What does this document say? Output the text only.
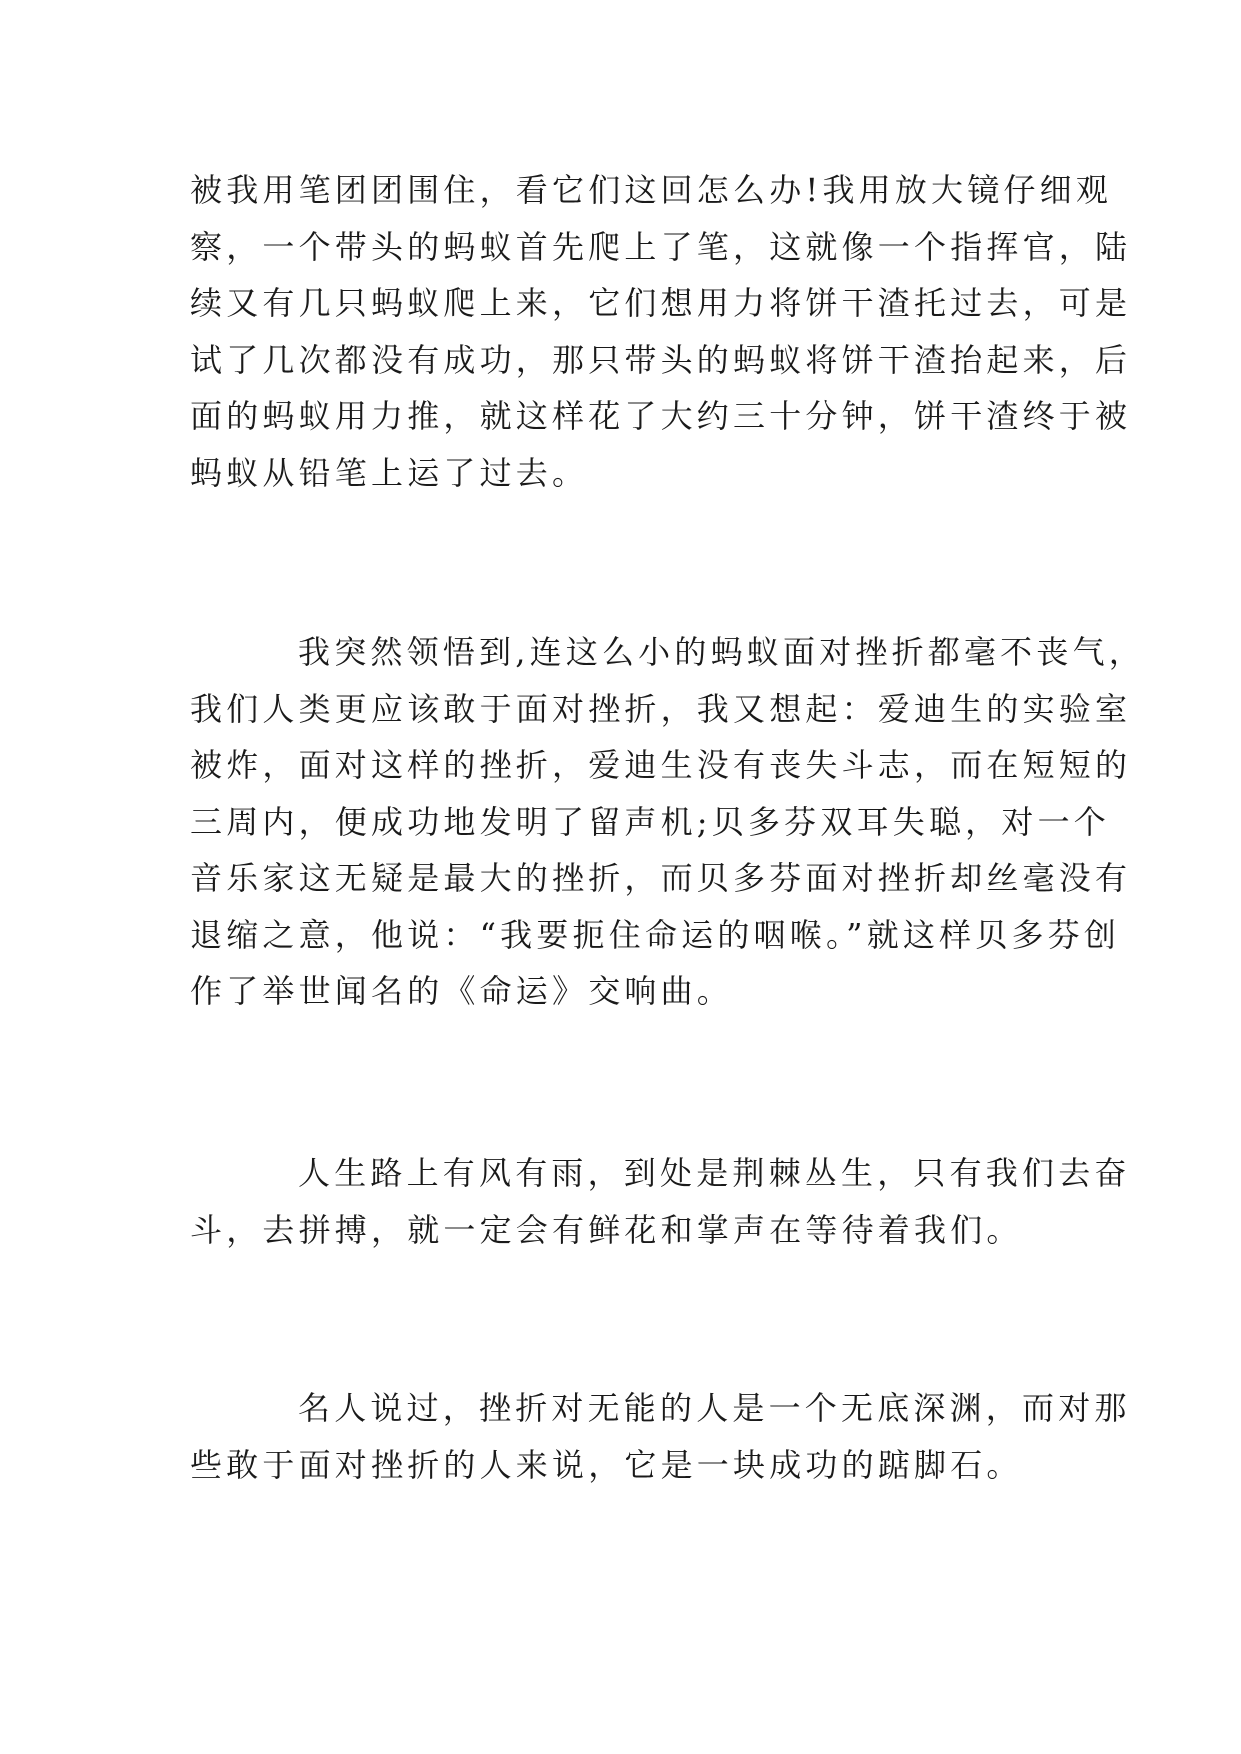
被我用笔团团围住，看它们这回怎么办!我用放大镜仔细观
察，一个带头的蚂蚁首先爬上了笔，这就像一个指挥官，陆
续又有几只蚂蚁爬上来，它们想用力将饼干渣托过去，可是
试了几次都没有成功，那只带头的蚂蚁将饼干渣抬起来，后
面的蚂蚁用力推，就这样花了大约三十分钟，饼干渣终于被
蚂蚁从铅笔上运了过去。

我突然领悟到,连这么小的蚂蚁面对挫折都毫不丧气，
我们人类更应该敢于面对挫折，我又想起：爱迪生的实验室
被炸，面对这样的挫折，爱迪生没有丧失斗志，而在短短的
三周内，便成功地发明了留声机;贝多芬双耳失聪，对一个
音乐家这无疑是最大的挫折，而贝多芬面对挫折却丝毫没有
退缩之意，他说：“我要扼住命运的咽喉。”就这样贝多芬创
作了举世闻名的《命运》交响曲。

人生路上有风有雨，到处是荆棘丛生，只有我们去奋
斗，去拼搏，就一定会有鲜花和掌声在等待着我们。

名人说过，挫折对无能的人是一个无底深渊，而对那
些敢于面对挫折的人来说，它是一块成功的踮脚石。
